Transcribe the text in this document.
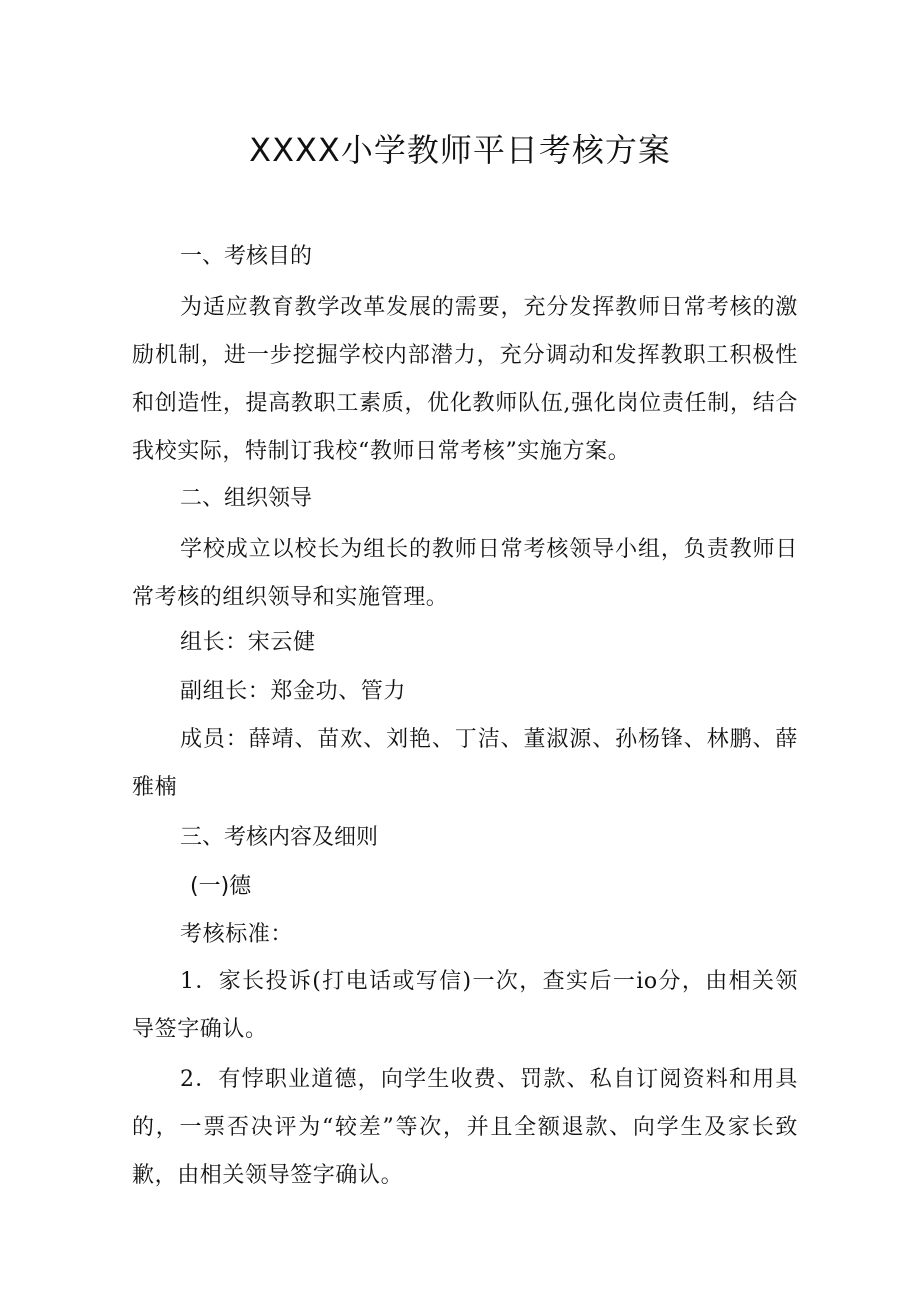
XXXX小学教师平日考核方案
一、考核目的

为适应教育教学改革发展的需要，充分发挥教师日常考核的激励机制，进一步挖掘学校内部潜力，充分调动和发挥教职工积极性和创造性，提高教职工素质，优化教师队伍,强化岗位责任制，结合我校实际，特制订我校“教师日常考核”实施方案。

二、组织领导

学校成立以校长为组长的教师日常考核领导小组，负责教师日常考核的组织领导和实施管理。

组长：宋云健

副组长：郑金功、管力

成员：薛靖、苗欢、刘艳、丁洁、董淑源、孙杨锋、林鹏、薛雅楠

三、考核内容及细则
(一)德

考核标准：

1．家长投诉(打电话或写信)一次，查实后一io分，由相关领导签字确认。

2．有悖职业道德，向学生收费、罚款、私自订阅资料和用具的，一票否决评为“较差”等次，并且全额退款、向学生及家长致歉，由相关领导签字确认。
